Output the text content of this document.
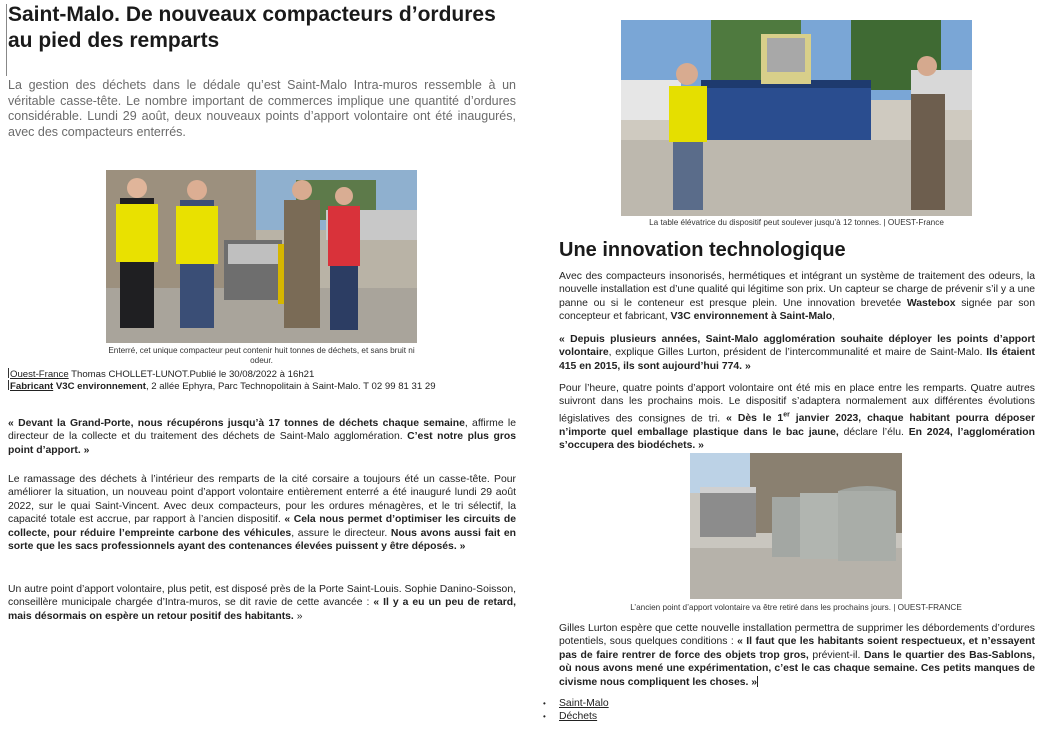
Saint-Malo. De nouveaux compacteurs d’ordures au pied des remparts

La gestion des déchets dans le dédale qu’est Saint-Malo Intra-muros ressemble à un véritable casse-tête. Le nombre important de commerces implique une quantité d’ordures considérable. Lundi 29 août, deux nouveaux points d’apport volontaire ont été inaugurés, avec des compacteurs enterrés.

Enterré, cet unique compacteur peut contenir huit tonnes de déchets, et sans bruit ni odeur.
Ouest-France Thomas CHOLLET-LUNOT.Publié le 30/08/2022 à 16h21
Fabricant V3C environnement, 2 allée Ephyra, Parc Technopolitain à Saint-Malo. T 02 99 81 31 29

« Devant la Grand-Porte, nous récupérons jusqu’à 17 tonnes de déchets chaque semaine, affirme le directeur de la collecte et du traitement des déchets de Saint-Malo agglomération. C’est notre plus gros point d’apport. »

Le ramassage des déchets à l’intérieur des remparts de la cité corsaire a toujours été un casse-tête. Pour améliorer la situation, un nouveau point d’apport volontaire entièrement enterré a été inauguré lundi 29 août 2022, sur le quai Saint-Vincent. Avec deux compacteurs, pour les ordures ménagères, et le tri sélectif, la capacité totale est accrue, par rapport à l’ancien dispositif. « Cela nous permet d’optimiser les circuits de collecte, pour réduire l’empreinte carbone des véhicules, assure le directeur. Nous avons aussi fait en sorte que les sacs professionnels ayant des contenances élevées puissent y être déposés. »

Un autre point d’apport volontaire, plus petit, est disposé près de la Porte Saint-Louis. Sophie Danino-Soisson, conseillère municipale chargée d’Intra-muros, se dit ravie de cette avancée : « Il y a eu un peu de retard, mais désormais on espère un retour positif des habitants. »

La table élévatrice du dispositif peut soulever jusqu’à 12 tonnes. | OUEST-France
Une innovation technologique

Avec des compacteurs insonorisés, hermétiques et intégrant un système de traitement des odeurs, la nouvelle installation est d’une qualité qui légitime son prix. Un capteur se charge de prévenir s’il y a une panne ou si le conteneur est presque plein. Une innovation brevetée Wastebox signée par son concepteur et fabricant, V3C environnement à Saint-Malo,

« Depuis plusieurs années, Saint-Malo agglomération souhaite déployer les points d’apport volontaire, explique Gilles Lurton, président de l’intercommunalité et maire de Saint-Malo. Ils étaient 415 en 2015, ils sont aujourd’hui 774. »

Pour l’heure, quatre points d’apport volontaire ont été mis en place entre les remparts. Quatre autres suivront dans les prochains mois. Le dispositif s’adaptera normalement aux différentes évolutions législatives des consignes de tri. « Dès le 1er janvier 2023, chaque habitant pourra déposer n’importe quel emballage plastique dans le bac jaune, déclare l’élu. En 2024, l’agglomération s’occupera des biodéchets. »

L’ancien point d’apport volontaire va être retiré dans les prochains jours. | OUEST-FRANCE

Gilles Lurton espère que cette nouvelle installation permettra de supprimer les débordements d’ordures potentiels, sous quelques conditions : « Il faut que les habitants soient respectueux, et n’essayent pas de faire rentrer de force des objets trop gros, prévient-il. Dans le quartier des Bas-Sablons, où nous avons mené une expérimentation, c’est le cas chaque semaine. Ces petits manques de civisme nous compliquent les choses. »

• Saint-Malo
• Déchets
